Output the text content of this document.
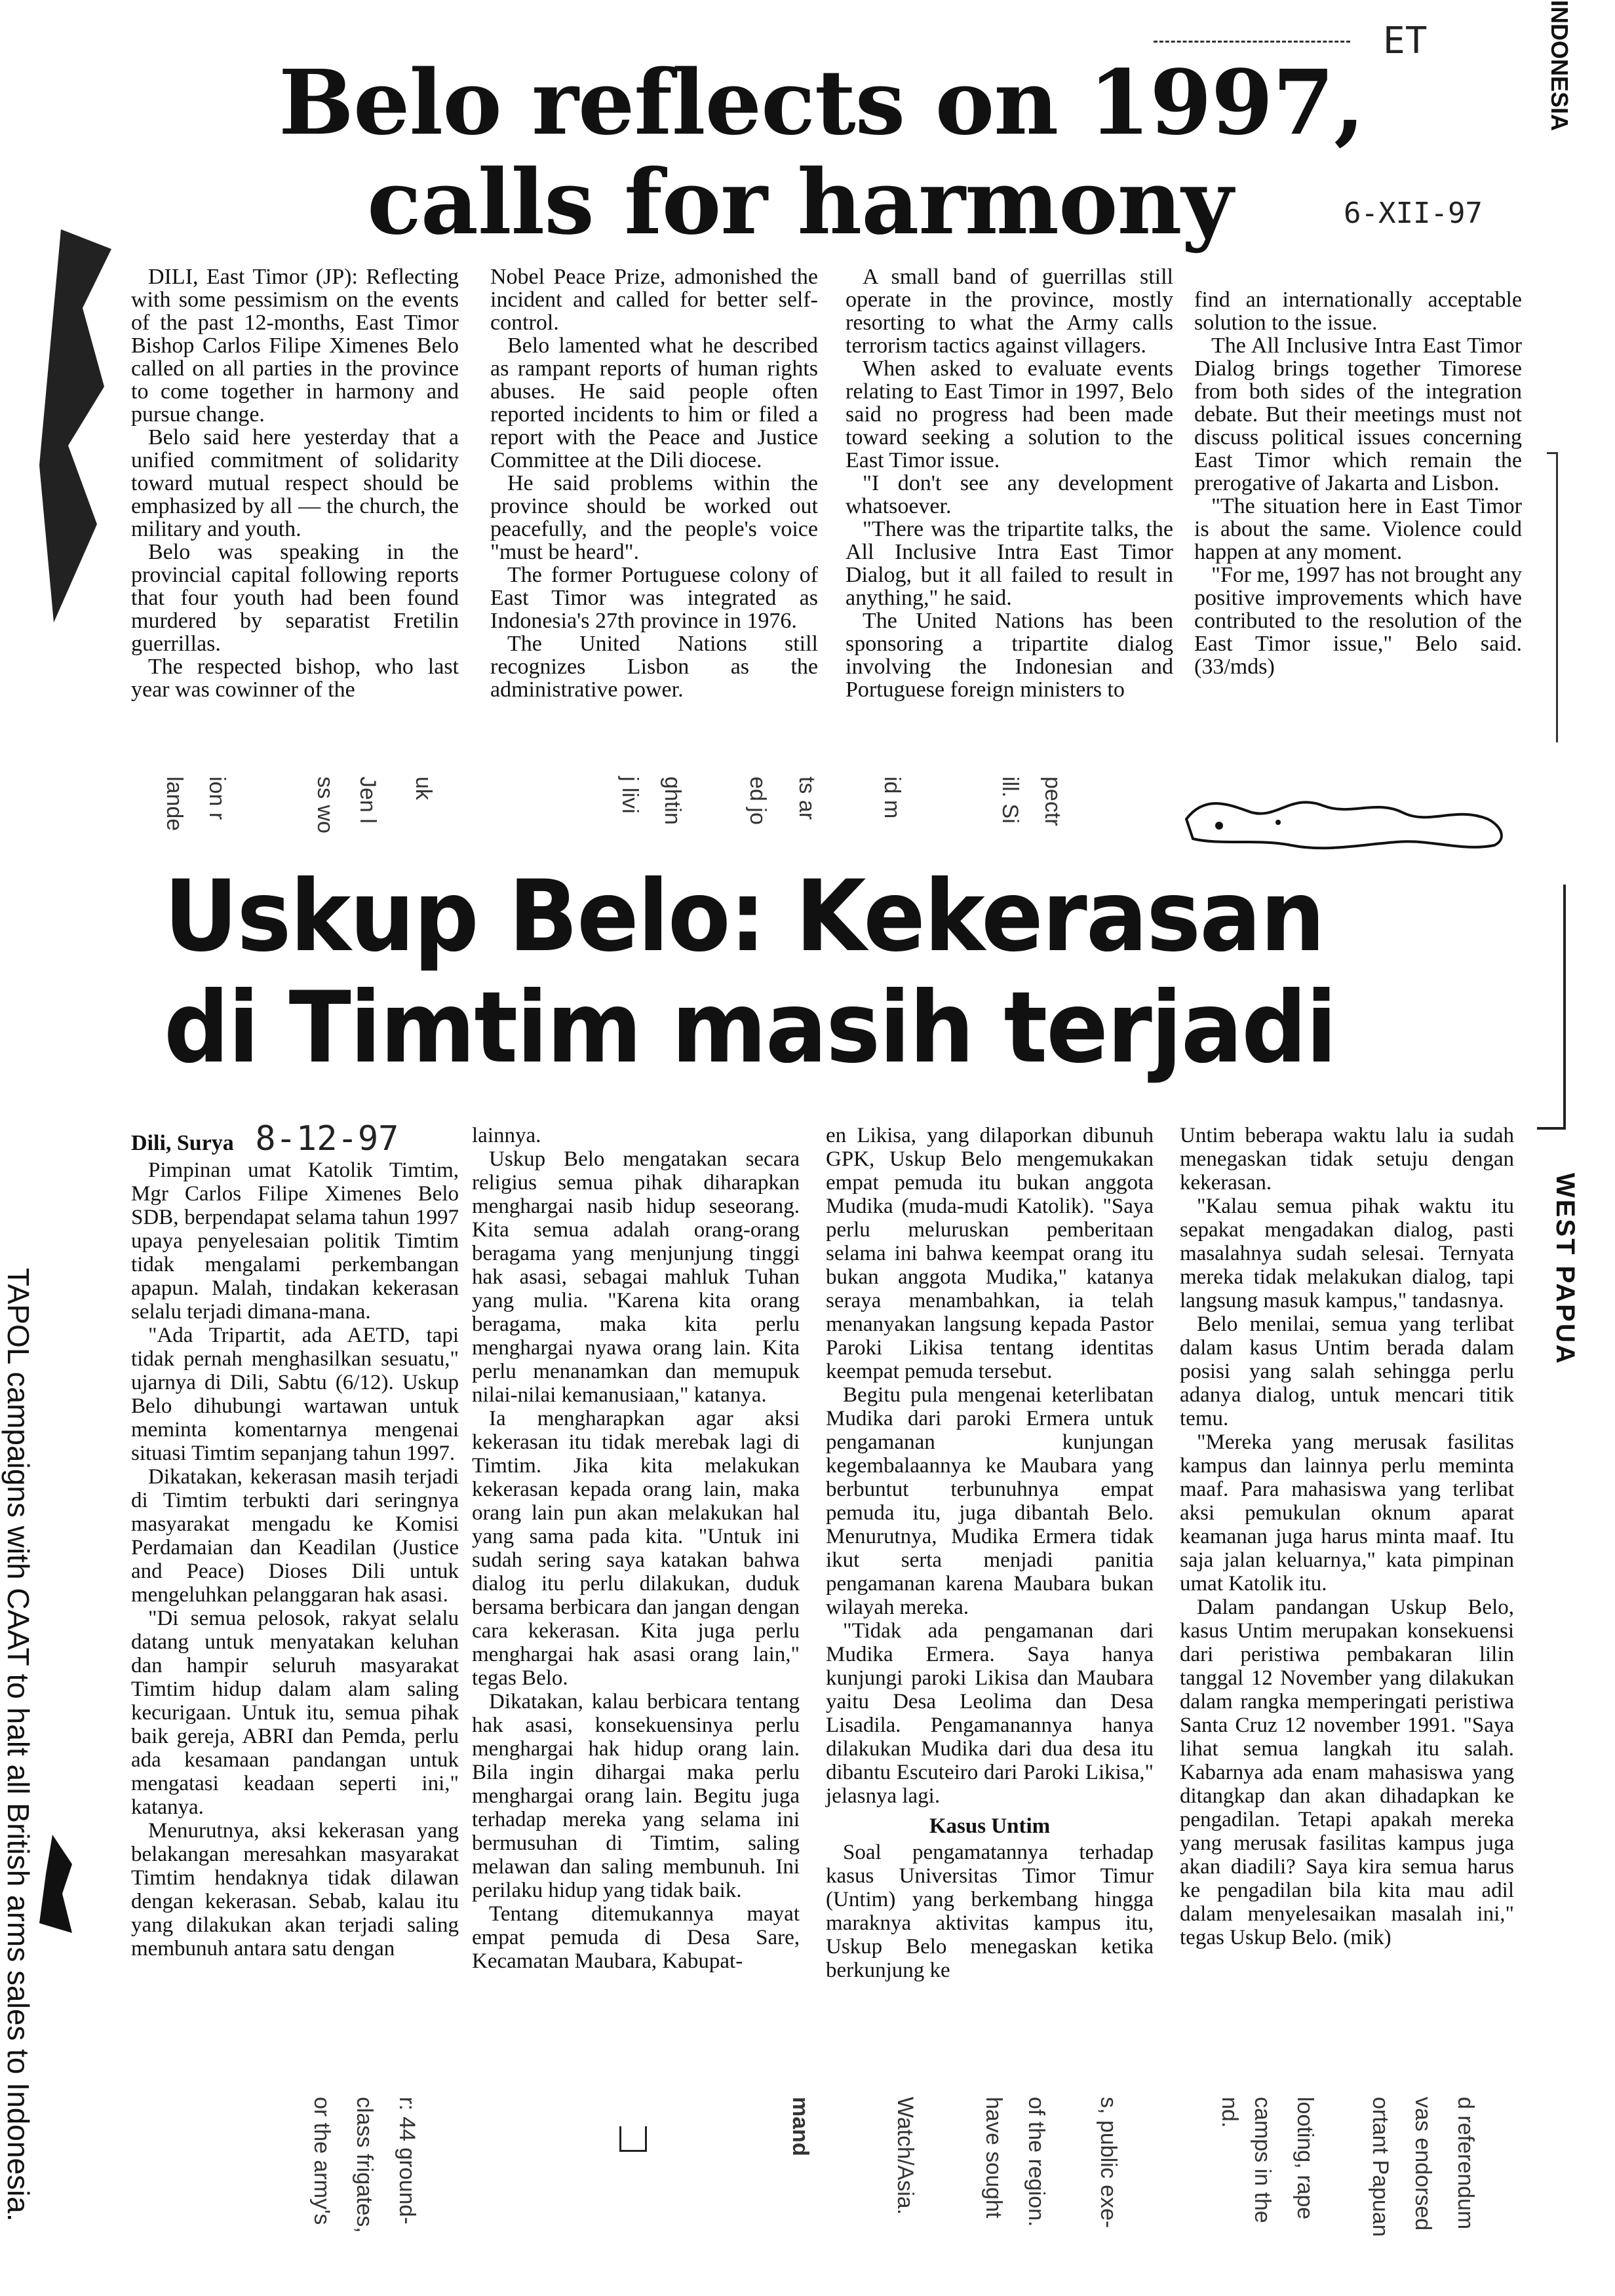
Belo reflects on 1997,
calls for harmony
ET
6-XII-97
INDONESIA

DILI, East Timor (JP): Reflecting with some pessimism on the events of the past 12-months, East Timor Bishop Carlos Filipe Ximenes Belo called on all parties in the province to come together in harmony and pursue change.

Belo said here yesterday that a unified commitment of solidarity toward mutual respect should be emphasized by all — the church, the military and youth.

Belo was speaking in the provincial capital following reports that four youth had been found murdered by separatist Fretilin guerrillas.

The respected bishop, who last year was cowinner of the

Nobel Peace Prize, admonished the incident and called for better self-control.

Belo lamented what he described as rampant reports of human rights abuses. He said people often reported incidents to him or filed a report with the Peace and Justice Committee at the Dili diocese.

He said problems within the province should be worked out peacefully, and the people's voice "must be heard".

The former Portuguese colony of East Timor was integrated as Indonesia's 27th province in 1976.

The United Nations still recognizes Lisbon as the administrative power.

A small band of guerrillas still operate in the province, mostly resorting to what the Army calls terrorism tactics against villagers.

When asked to evaluate events relating to East Timor in 1997, Belo said no progress had been made toward seeking a solution to the East Timor issue.

"I don't see any development whatsoever.

"There was the tripartite talks, the All Inclusive Intra East Timor Dialog, but it all failed to result in anything," he said.

The United Nations has been sponsoring a tripartite dialog involving the Indonesian and Portuguese foreign ministers to

find an internationally acceptable solution to the issue.

The All Inclusive Intra East Timor Dialog brings together Timorese from both sides of the integration debate. But their meetings must not discuss political issues concerning East Timor which remain the prerogative of Jakarta and Lisbon.

"The situation here in East Timor is about the same. Violence could happen at any moment.

"For me, 1997 has not brought any positive improvements which have contributed to the resolution of the East Timor issue," Belo said. (33/mds)

lande ion r	ss wo Jen l uk	ghtin
j livi	ed jo ts ar	id m	ill. Si pectr
Uskup Belo: Kekerasan
di Timtim masih terjadi
WEST PAPUA
TAPOL campaigns with CAAT to halt all British arms sales to Indonesia.
Dili, Surya 8-12-97

Pimpinan umat Katolik Timtim, Mgr Carlos Filipe Ximenes Belo SDB, berpendapat selama tahun 1997 upaya penyelesaian politik Timtim tidak mengalami perkembangan apapun. Malah, tindakan kekerasan selalu terjadi dimana-mana.

"Ada Tripartit, ada AETD, tapi tidak pernah menghasilkan sesuatu," ujarnya di Dili, Sabtu (6/12). Uskup Belo dihubungi wartawan untuk meminta komentarnya mengenai situasi Timtim sepanjang tahun 1997.

Dikatakan, kekerasan masih terjadi di Timtim terbukti dari seringnya masyarakat mengadu ke Komisi Perdamaian dan Keadilan (Justice and Peace) Dioses Dili untuk mengeluhkan pelanggaran hak asasi.

"Di semua pelosok, rakyat selalu datang untuk menyatakan keluhan dan hampir seluruh masyarakat Timtim hidup dalam alam saling kecurigaan. Untuk itu, semua pihak baik gereja, ABRI dan Pemda, perlu ada kesamaan pandangan untuk mengatasi keadaan seperti ini," katanya.

Menurutnya, aksi kekerasan yang belakangan meresahkan masyarakat Timtim hendaknya tidak dilawan dengan kekerasan. Sebab, kalau itu yang dilakukan akan terjadi saling membunuh antara satu dengan

lainnya.

Uskup Belo mengatakan secara religius semua pihak diharapkan menghargai nasib hidup seseorang. Kita semua adalah orang-orang beragama yang menjunjung tinggi hak asasi, sebagai mahluk Tuhan yang mulia. "Karena kita orang beragama, maka kita perlu menghargai nyawa orang lain. Kita perlu menanamkan dan memupuk nilai-nilai kemanusiaan," katanya.

Ia mengharapkan agar aksi kekerasan itu tidak merebak lagi di Timtim. Jika kita melakukan kekerasan kepada orang lain, maka orang lain pun akan melakukan hal yang sama pada kita. "Untuk ini sudah sering saya katakan bahwa dialog itu perlu dilakukan, duduk bersama berbicara dan jangan dengan cara kekerasan. Kita juga perlu menghargai hak asasi orang lain," tegas Belo.

Dikatakan, kalau berbicara tentang hak asasi, konsekuensinya perlu menghargai hak hidup orang lain. Bila ingin dihargai maka perlu menghargai orang lain. Begitu juga terhadap mereka yang selama ini bermusuhan di Timtim, saling melawan dan saling membunuh. Ini perilaku hidup yang tidak baik.

Tentang ditemukannya mayat empat pemuda di Desa Sare, Kecamatan Maubara, Kabupat-

en Likisa, yang dilaporkan dibunuh GPK, Uskup Belo mengemukakan empat pemuda itu bukan anggota Mudika (muda-mudi Katolik). "Saya perlu meluruskan pemberitaan selama ini bahwa keempat orang itu bukan anggota Mudika," katanya seraya menambahkan, ia telah menanyakan langsung kepada Pastor Paroki Likisa tentang identitas keempat pemuda tersebut.

Begitu pula mengenai keterlibatan Mudika dari paroki Ermera untuk pengamanan kunjungan kegembalaannya ke Maubara yang berbuntut terbunuhnya empat pemuda itu, juga dibantah Belo. Menurutnya, Mudika Ermera tidak ikut serta menjadi panitia pengamanan karena Maubara bukan wilayah mereka.

"Tidak ada pengamanan dari Mudika Ermera. Saya hanya kunjungi paroki Likisa dan Maubara yaitu Desa Leolima dan Desa Lisadila. Pengamanannya hanya dilakukan Mudika dari dua desa itu dibantu Escuteiro dari Paroki Likisa," jelasnya lagi.

Kasus Untim

Soal pengamatannya terhadap kasus Universitas Timor Timur (Untim) yang berkembang hingga maraknya aktivitas kampus itu, Uskup Belo menegaskan ketika berkunjung ke

Untim beberapa waktu lalu ia sudah menegaskan tidak setuju dengan kekerasan.

"Kalau semua pihak waktu itu sepakat mengadakan dialog, pasti masalahnya sudah selesai. Ternyata mereka tidak melakukan dialog, tapi langsung masuk kampus," tandasnya.

Belo menilai, semua yang terlibat dalam kasus Untim berada dalam posisi yang salah sehingga perlu adanya dialog, untuk mencari titik temu.

"Mereka yang merusak fasilitas kampus dan lainnya perlu meminta maaf. Para mahasiswa yang terlibat aksi pemukulan oknum aparat keamanan juga harus minta maaf. Itu saja jalan keluarnya," kata pimpinan umat Katolik itu.

Dalam pandangan Uskup Belo, kasus Untim merupakan konsekuensi dari peristiwa pembakaran lilin tanggal 12 November yang dilakukan dalam rangka memperingati peristiwa Santa Cruz 12 november 1991. "Saya lihat semua langkah itu salah. Kabarnya ada enam mahasiswa yang ditangkap dan akan dihadapkan ke pengadilan. Tetapi apakah mereka yang merusak fasilitas kampus juga akan diadili? Saya kira semua harus ke pengadilan bila kita mau adil dalam menyelesaikan masalah ini," tegas Uskup Belo. (mik)

d referendum
vas endorsed
ortant Papuan
looting, rape
camps in the
nd.
s, public exe-
of the region.
have sought
Watch/Asia.
mand
r: 44 ground-
class frigates,
or the army's
